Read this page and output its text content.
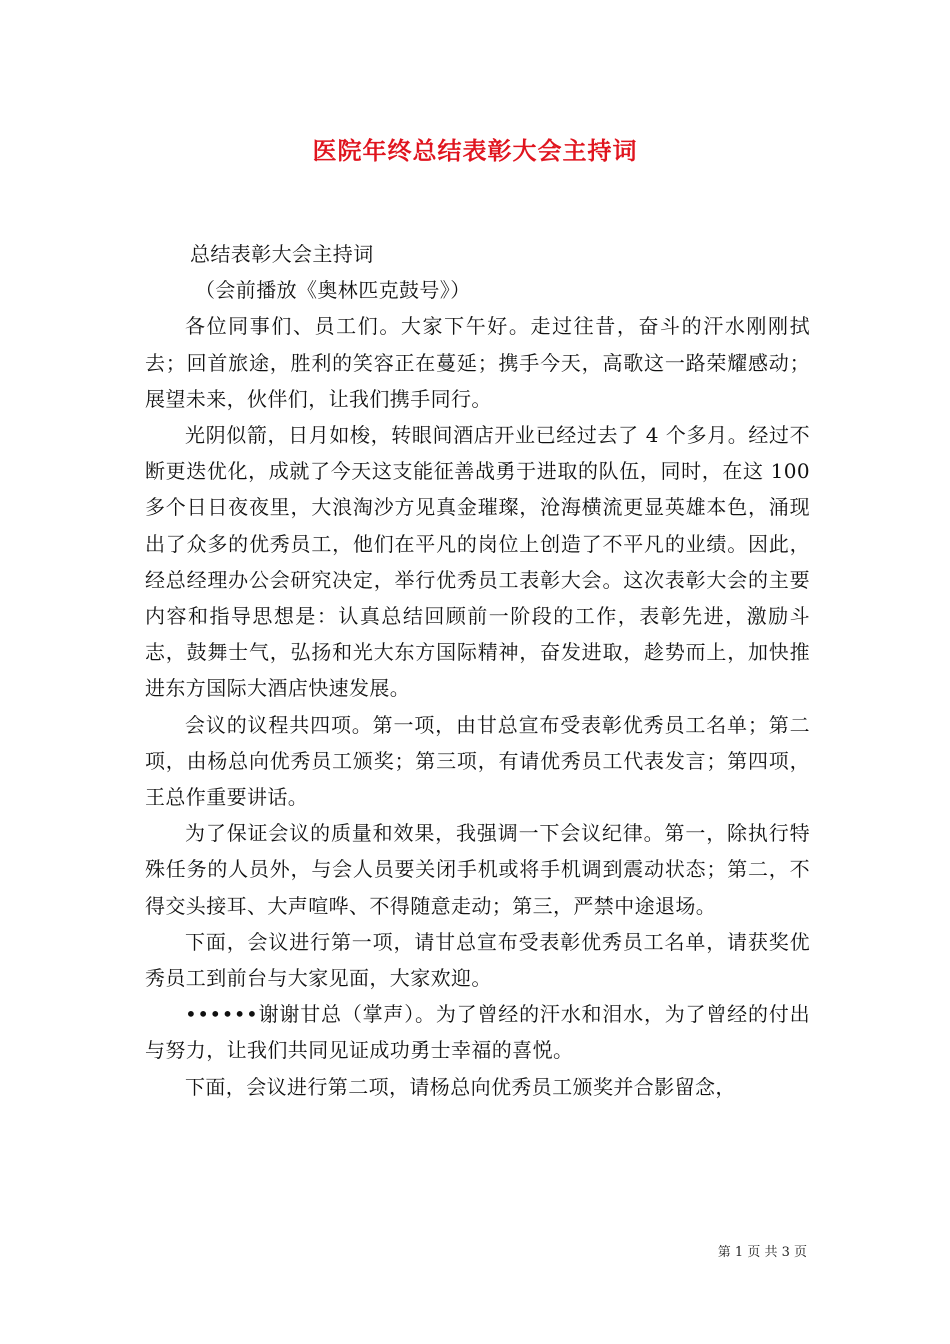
医院年终总结表彰大会主持词

总结表彰大会主持词

（会前播放《奥林匹克鼓号》）

各位同事们、员工们。大家下午好。走过往昔，奋斗的汗水刚刚拭去；回首旅途，胜利的笑容正在蔓延；携手今天，高歌这一路荣耀感动；展望未来，伙伴们，让我们携手同行。

光阴似箭，日月如梭，转眼间酒店开业已经过去了 4 个多月。经过不断更迭优化，成就了今天这支能征善战勇于进取的队伍，同时，在这 100 多个日日夜夜里，大浪淘沙方见真金璀璨，沧海横流更显英雄本色，涌现出了众多的优秀员工，他们在平凡的岗位上创造了不平凡的业绩。因此，经总经理办公会研究决定，举行优秀员工表彰大会。这次表彰大会的主要内容和指导思想是：认真总结回顾前一阶段的工作，表彰先进，激励斗志，鼓舞士气，弘扬和光大东方国际精神，奋发进取，趁势而上，加快推进东方国际大酒店快速发展。

会议的议程共四项。第一项，由甘总宣布受表彰优秀员工名单；第二项，由杨总向优秀员工颁奖；第三项，有请优秀员工代表发言；第四项，王总作重要讲话。

为了保证会议的质量和效果，我强调一下会议纪律。第一，除执行特殊任务的人员外，与会人员要关闭手机或将手机调到震动状态；第二，不得交头接耳、大声喧哗、不得随意走动；第三，严禁中途退场。

下面，会议进行第一项，请甘总宣布受表彰优秀员工名单，请获奖优秀员工到前台与大家见面，大家欢迎。

••••••谢谢甘总（掌声）。为了曾经的汗水和泪水，为了曾经的付出与努力，让我们共同见证成功勇士幸福的喜悦。

下面，会议进行第二项，请杨总向优秀员工颁奖并合影留念，

第 1 页 共 3 页
